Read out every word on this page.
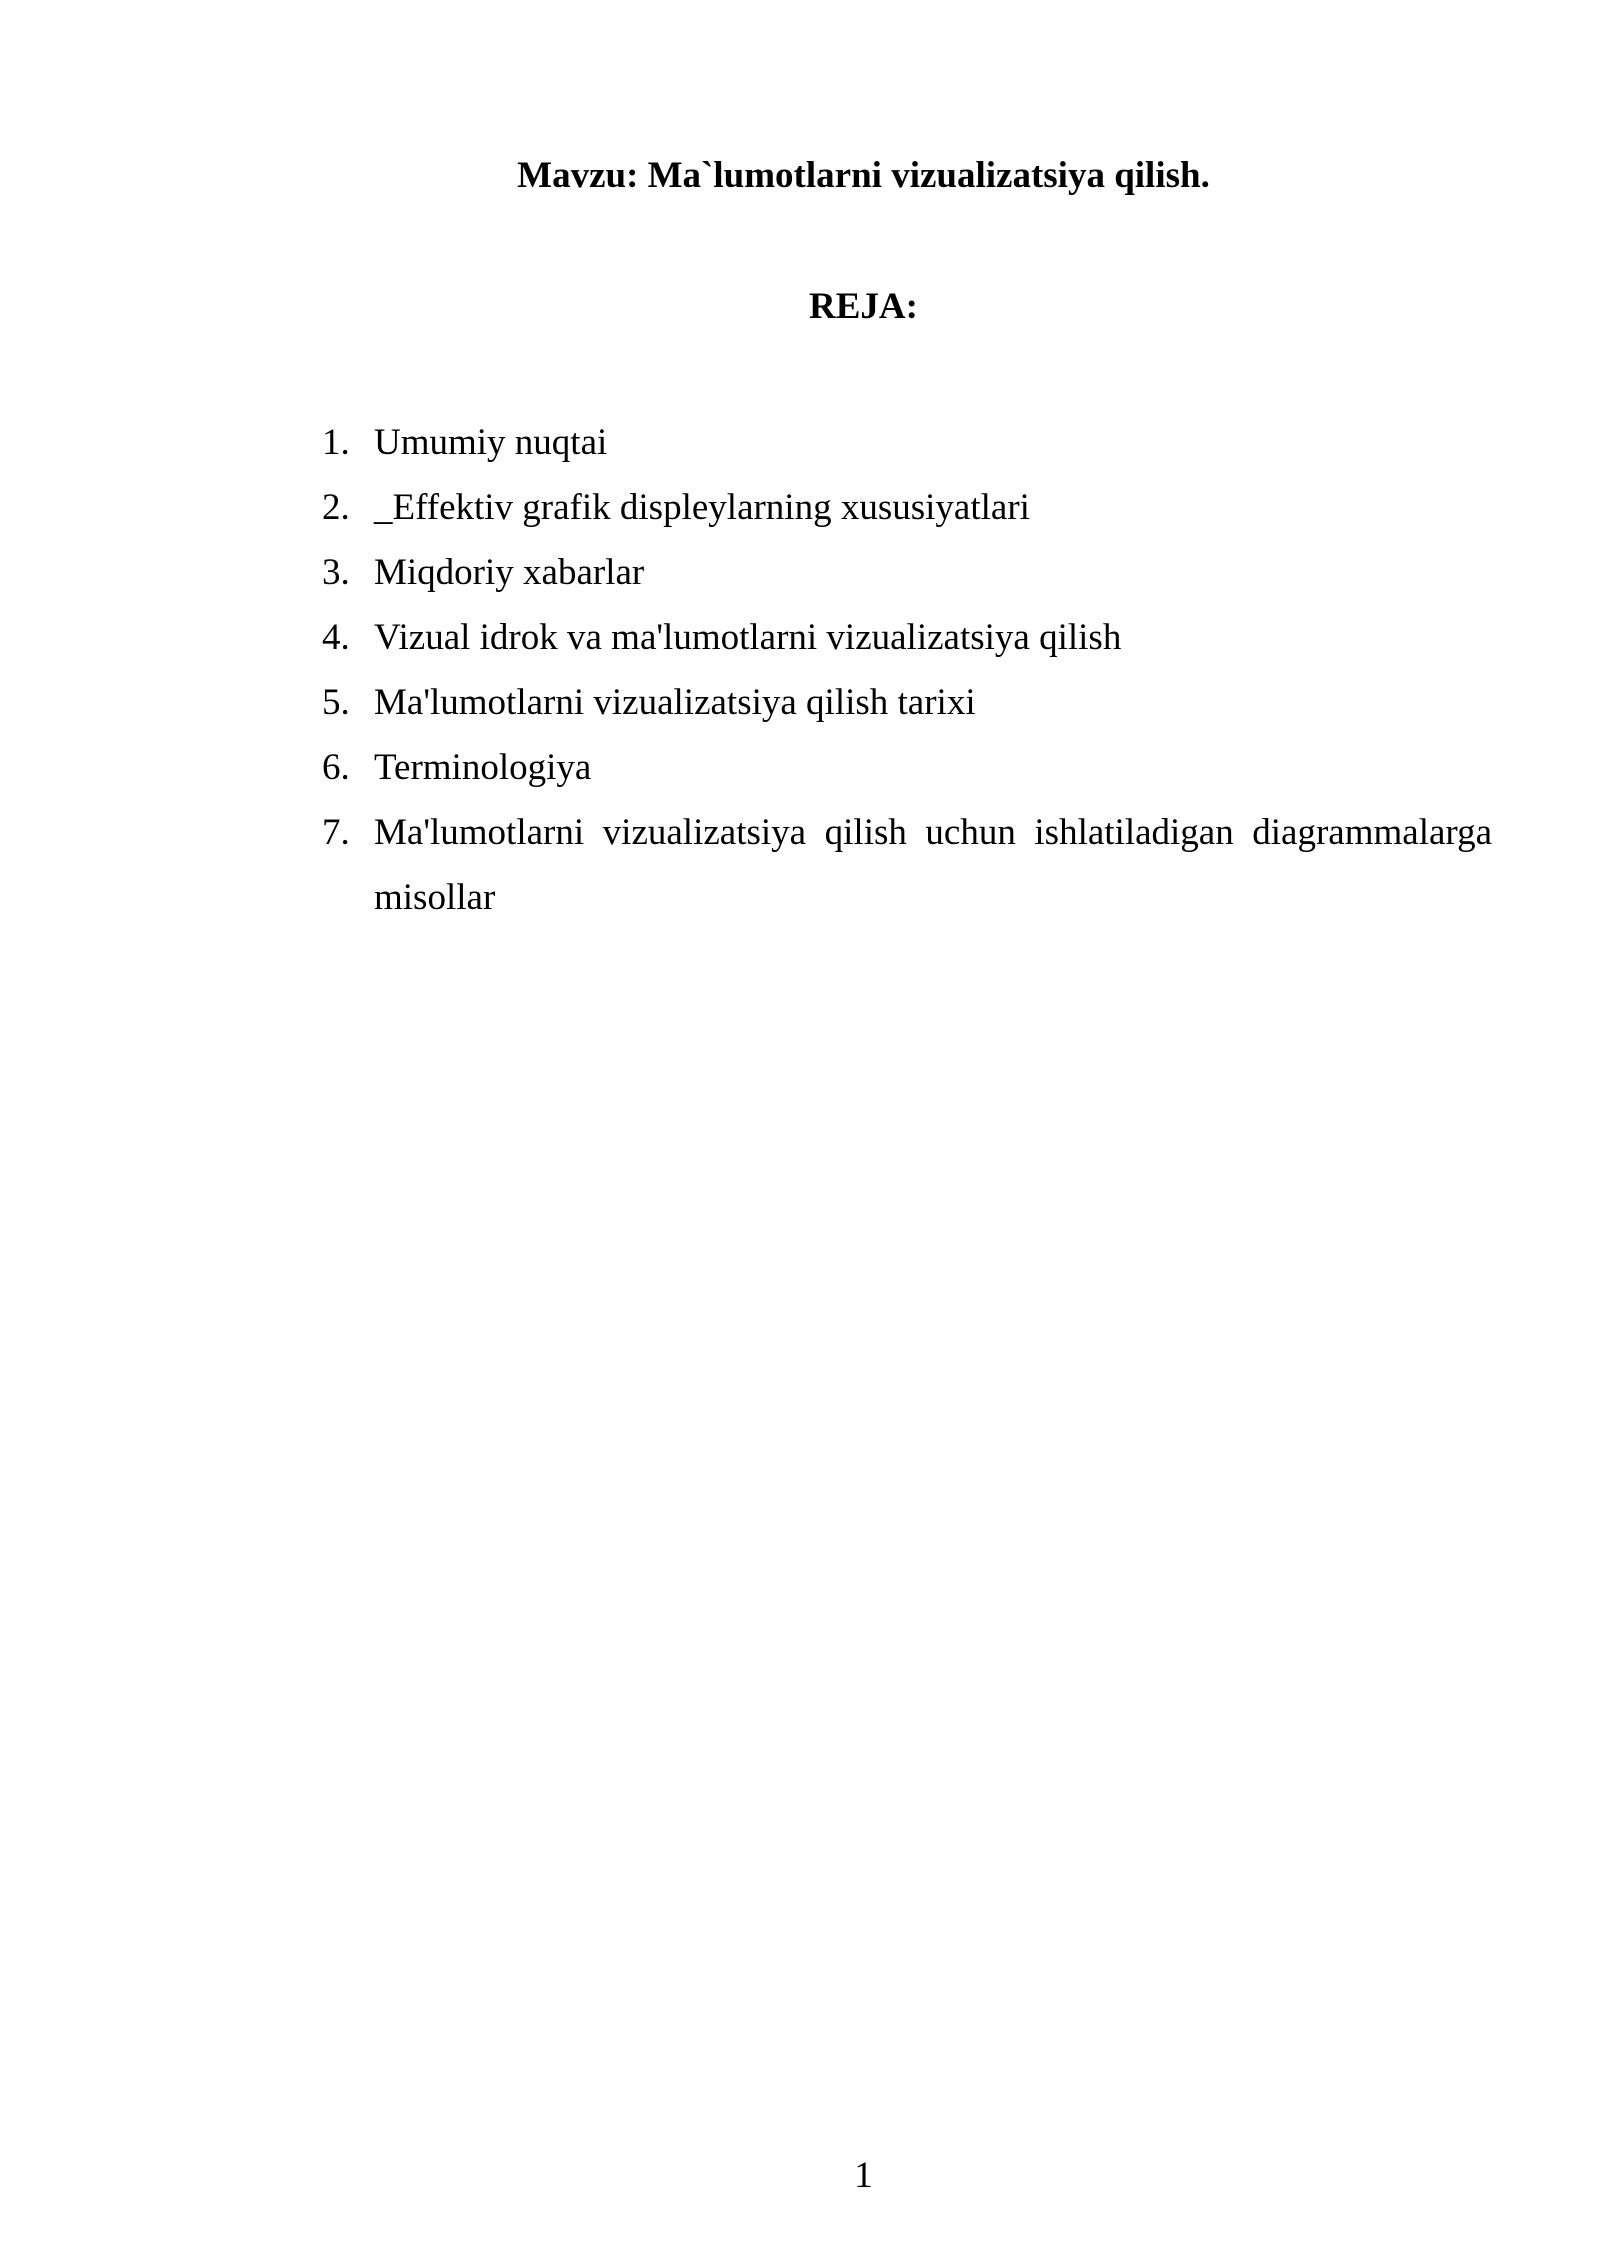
Mavzu: Ma`lumotlarni vizualizatsiya qilish.
REJA:
1. Umumiy nuqtai
2. _Effektiv grafik displeylarning xususiyatlari
3. Miqdoriy xabarlar
4. Vizual idrok va ma'lumotlarni vizualizatsiya qilish
5. Ma'lumotlarni vizualizatsiya qilish tarixi
6. Terminologiya
7. Ma'lumotlarni vizualizatsiya qilish uchun ishlatiladigan diagrammalarga misollar
1
